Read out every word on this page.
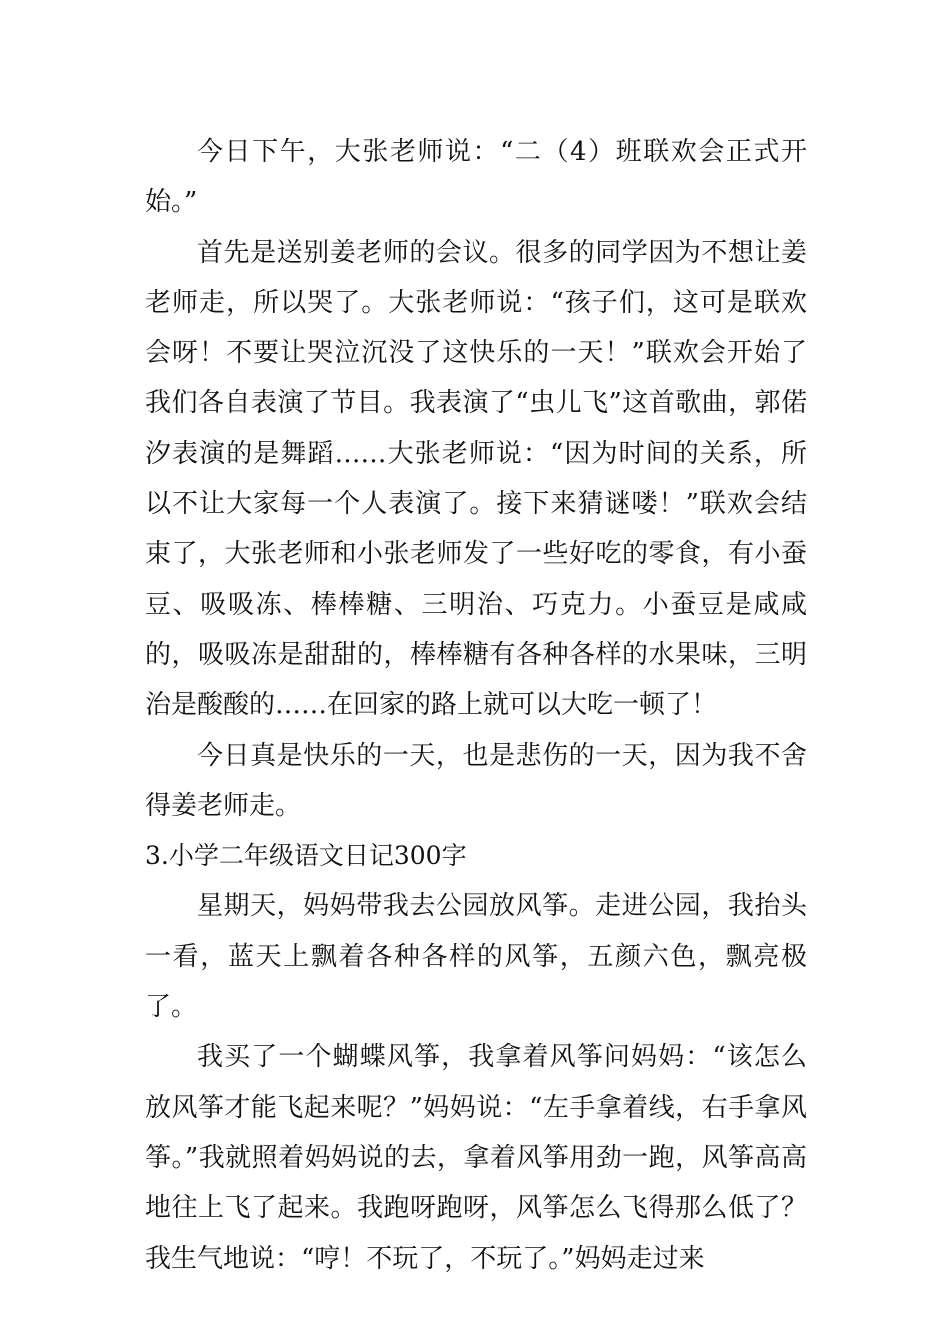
今日下午，大张老师说：“二（4）班联欢会正式开始。”

首先是送别姜老师的会议。很多的同学因为不想让姜老师走，所以哭了。大张老师说：“孩子们，这可是联欢会呀！不要让哭泣沉没了这快乐的一天！”联欢会开始了我们各自表演了节目。我表演了“虫儿飞”这首歌曲，郭偌汐表演的是舞蹈……大张老师说：“因为时间的关系，所以不让大家每一个人表演了。接下来猜谜喽！”联欢会结束了，大张老师和小张老师发了一些好吃的零食，有小蚕豆、吸吸冻、棒棒糖、三明治、巧克力。小蚕豆是咸咸的，吸吸冻是甜甜的，棒棒糖有各种各样的水果味，三明治是酸酸的……在回家的路上就可以大吃一顿了！

今日真是快乐的一天，也是悲伤的一天，因为我不舍得姜老师走。

3.小学二年级语文日记300字

星期天，妈妈带我去公园放风筝。走进公园，我抬头一看，蓝天上飘着各种各样的风筝，五颜六色，飘亮极了。

我买了一个蝴蝶风筝，我拿着风筝问妈妈：“该怎么放风筝才能飞起来呢？”妈妈说：“左手拿着线，右手拿风筝。”我就照着妈妈说的去，拿着风筝用劲一跑，风筝高高地往上飞了起来。我跑呀跑呀，风筝怎么飞得那么低了？我生气地说：“哼！不玩了，不玩了。”妈妈走过来
